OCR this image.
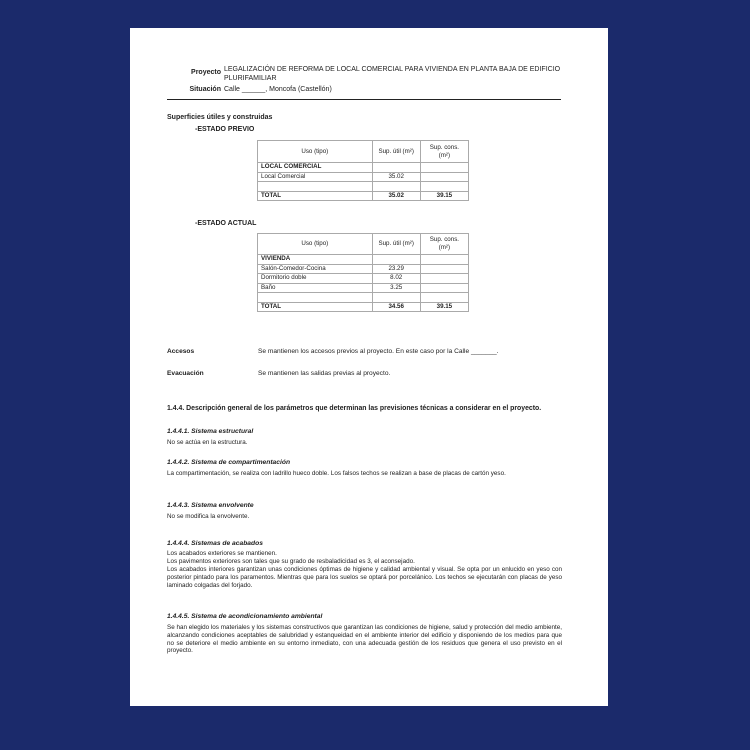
Proyecto LEGALIZACIÓN DE REFORMA DE LOCAL COMERCIAL PARA VIVIENDA EN PLANTA BAJA DE EDIFICIO PLURIFAMILIAR
Situación Calle ______, Moncofa (Castellón)
Superficies útiles y construidas
-ESTADO PREVIO
Uso (tipo)	Sup. útil (m²)	Sup. cons. (m²)
LOCAL COMERCIAL		
Local Comercial	35.02	

TOTAL	35.02	39.15
-ESTADO ACTUAL
Uso (tipo)	Sup. útil (m²)	Sup. cons. (m²)
VIVIENDA		
Salón-Comedor-Cocina	23.29	
Dormitorio doble	8.02	
Baño	3.25	

TOTAL	34.56	39.15
Accesos	Se mantienen los accesos previos al proyecto. En este caso por la Calle _______.
Evacuación	Se mantienen las salidas previas al proyecto.
1.4.4. Descripción general de los parámetros que determinan las previsiones técnicas a considerar en el proyecto.
1.4.4.1. Sistema estructural
No se actúa en la estructura.
1.4.4.2. Sistema de compartimentación
La compartimentación, se realiza con ladrillo hueco doble. Los falsos techos se realizan a base de placas de cartón yeso.
1.4.4.3. Sistema envolvente
No se modifica la envolvente.
1.4.4.4. Sistemas de acabados
Los acabados exteriores se mantienen.
Los pavimentos exteriores son tales que su grado de resbaladicidad es 3, el aconsejado.
Los acabados interiores garantizan unas condiciones óptimas de higiene y calidad ambiental y visual. Se opta por un enlucido en yeso con posterior pintado para los paramentos. Mientras que para los suelos se optará por porcelánico. Los techos se ejecutarán con placas de yeso laminado colgadas del forjado.
1.4.4.5. Sistema de acondicionamiento ambiental
Se han elegido los materiales y los sistemas constructivos que garantizan las condiciones de higiene, salud y protección del medio ambiente, alcanzando condiciones aceptables de salubridad y estanqueidad en el ambiente interior del edificio y disponiendo de los medios para que no se deteriore el medio ambiente en su entorno inmediato, con una adecuada gestión de los residuos que genera el uso previsto en el proyecto.
